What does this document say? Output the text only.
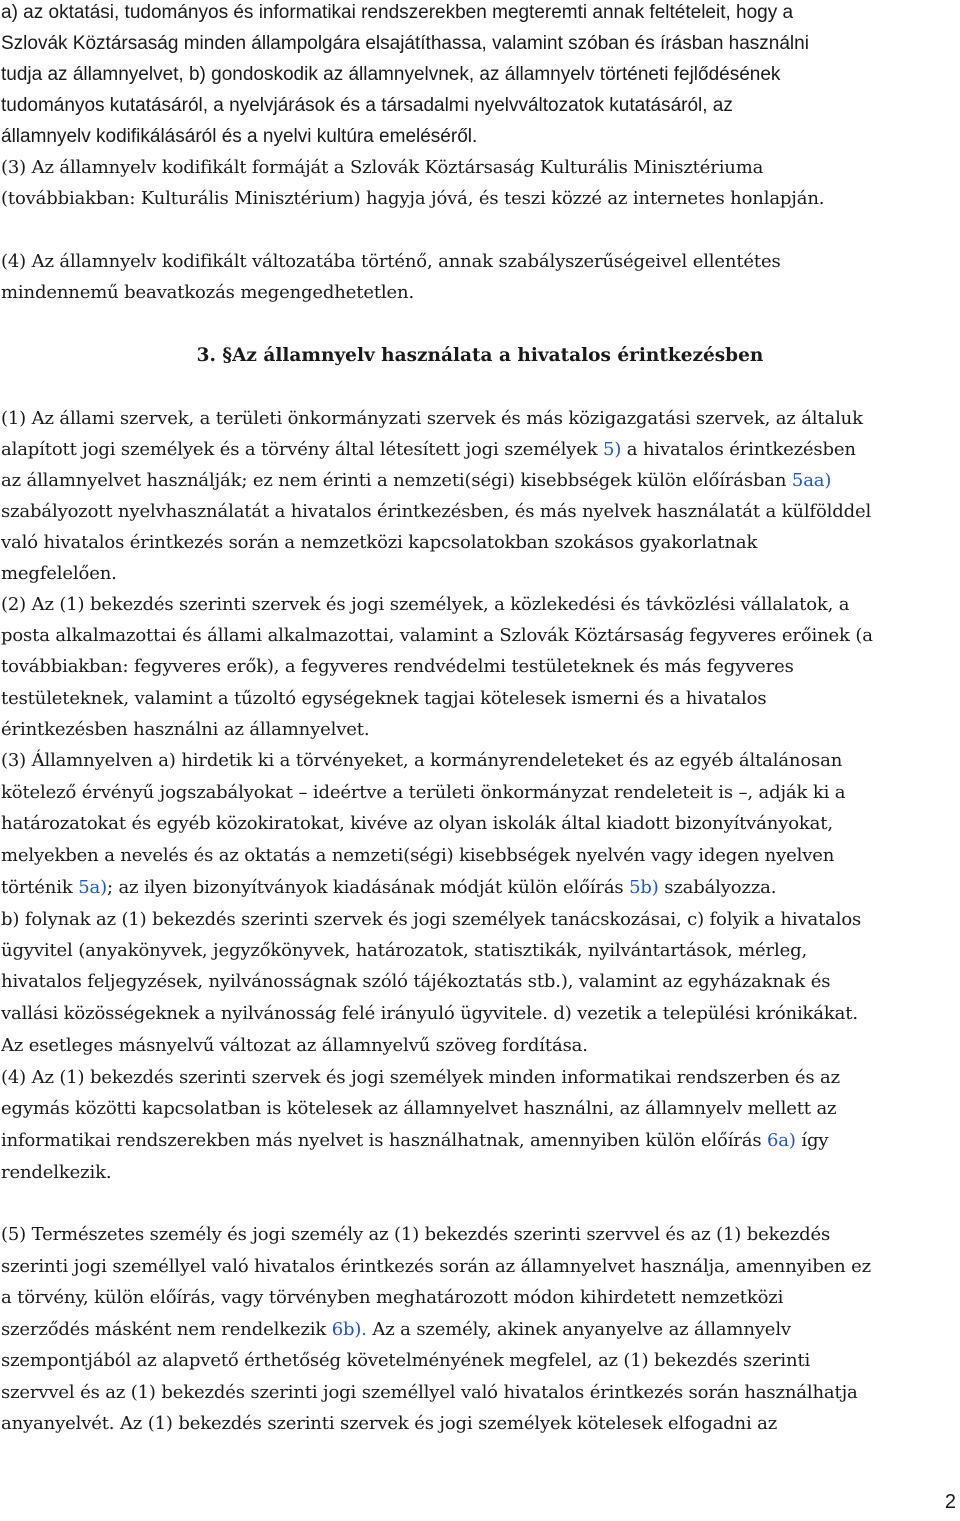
a) az oktatási, tudományos és informatikai rendszerekben megteremti annak feltételeit, hogy a
Szlovák Köztársaság minden állampolgára elsajátíthassa, valamint szóban és írásban használni
tudja az államnyelvet, b) gondoskodik az államnyelvnek, az államnyelv történeti fejlődésének
tudományos kutatásáról, a nyelvjárások és a társadalmi nyelvváltozatok kutatásáról, az
államnyelv kodifikálásáról és a nyelvi kultúra emeléséről.
(3) Az államnyelv kodifikált formáját a Szlovák Köztársaság Kulturális Minisztériuma
(továbbiakban: Kulturális Minisztérium) hagyja jóvá, és teszi közzé az internetes honlapján.
(4) Az államnyelv kodifikált változatába történő, annak szabályszerűségeivel ellentétes
mindennemű beavatkozás megengedhetetlen.
3. §Az államnyelv használata a hivatalos érintkezésben
(1) Az állami szervek, a területi önkormányzati szervek és más közigazgatási szervek, az általuk
alapított jogi személyek és a törvény által létesített jogi személyek 5) a hivatalos érintkezésben
az államnyelvet használják; ez nem érinti a nemzeti(ségi) kisebbségek külön előírásban 5aa)
szabályozott nyelvhasználatát a hivatalos érintkezésben, és más nyelvek használatát a külfölddel
való hivatalos érintkezés során a nemzetközi kapcsolatokban szokásos gyakorlatnak
megfelelően.
(2) Az (1) bekezdés szerinti szervek és jogi személyek, a közlekedési és távközlési vállalatok, a
posta alkalmazottai és állami alkalmazottai, valamint a Szlovák Köztársaság fegyveres erőinek (a
továbbiakban: fegyveres erők), a fegyveres rendvédelmi testületeknek és más fegyveres
testületeknek, valamint a tűzoltó egységeknek tagjai kötelesek ismerni és a hivatalos
érintkezésben használni az államnyelvet.
(3) Államnyelven a) hirdetik ki a törvényeket, a kormányrendeleteket és az egyéb általánosan
kötelező érvényű jogszabályokat – ideértve a területi önkormányzat rendeleteit is –, adják ki a
határozatokat és egyéb közokiratokat, kivéve az olyan iskolák által kiadott bizonyítványokat,
melyekben a nevelés és az oktatás a nemzeti(ségi) kisebbségek nyelvén vagy idegen nyelven
történik 5a); az ilyen bizonyítványok kiadásának módját külön előírás 5b) szabályozza.
b) folynak az (1) bekezdés szerinti szervek és jogi személyek tanácskozásai, c) folyik a hivatalos
ügyvitel (anyakönyvek, jegyzőkönyvek, határozatok, statisztikák, nyilvántartások, mérleg,
hivatalos feljegyzések, nyilvánosságnak szóló tájékoztatás stb.), valamint az egyházaknak és
vallási közösségeknek a nyilvánosság felé irányuló ügyvitele. d) vezetik a települési krónikákat.
Az esetleges másnyelvű változat az államnyelvű szöveg fordítása.
(4) Az (1) bekezdés szerinti szervek és jogi személyek minden informatikai rendszerben és az
egymás közötti kapcsolatban is kötelesek az államnyelvet használni, az államnyelv mellett az
informatikai rendszerekben más nyelvet is használhatnak, amennyiben külön előírás 6a) így
rendelkezik.
(5) Természetes személy és jogi személy az (1) bekezdés szerinti szervvel és az (1) bekezdés
szerinti jogi személlyel való hivatalos érintkezés során az államnyelvet használja, amennyiben ez
a törvény, külön előírás, vagy törvényben meghatározott módon kihirdetett nemzetközi
szerződés másként nem rendelkezik 6b). Az a személy, akinek anyanyelve az államnyelv
szempontjából az alapvető érthetőség követelményének megfelel, az (1) bekezdés szerinti
szervvel és az (1) bekezdés szerinti jogi személlyel való hivatalos érintkezés során használhatja
anyanyelvét. Az (1) bekezdés szerinti szervek és jogi személyek kötelesek elfogadni az
2
